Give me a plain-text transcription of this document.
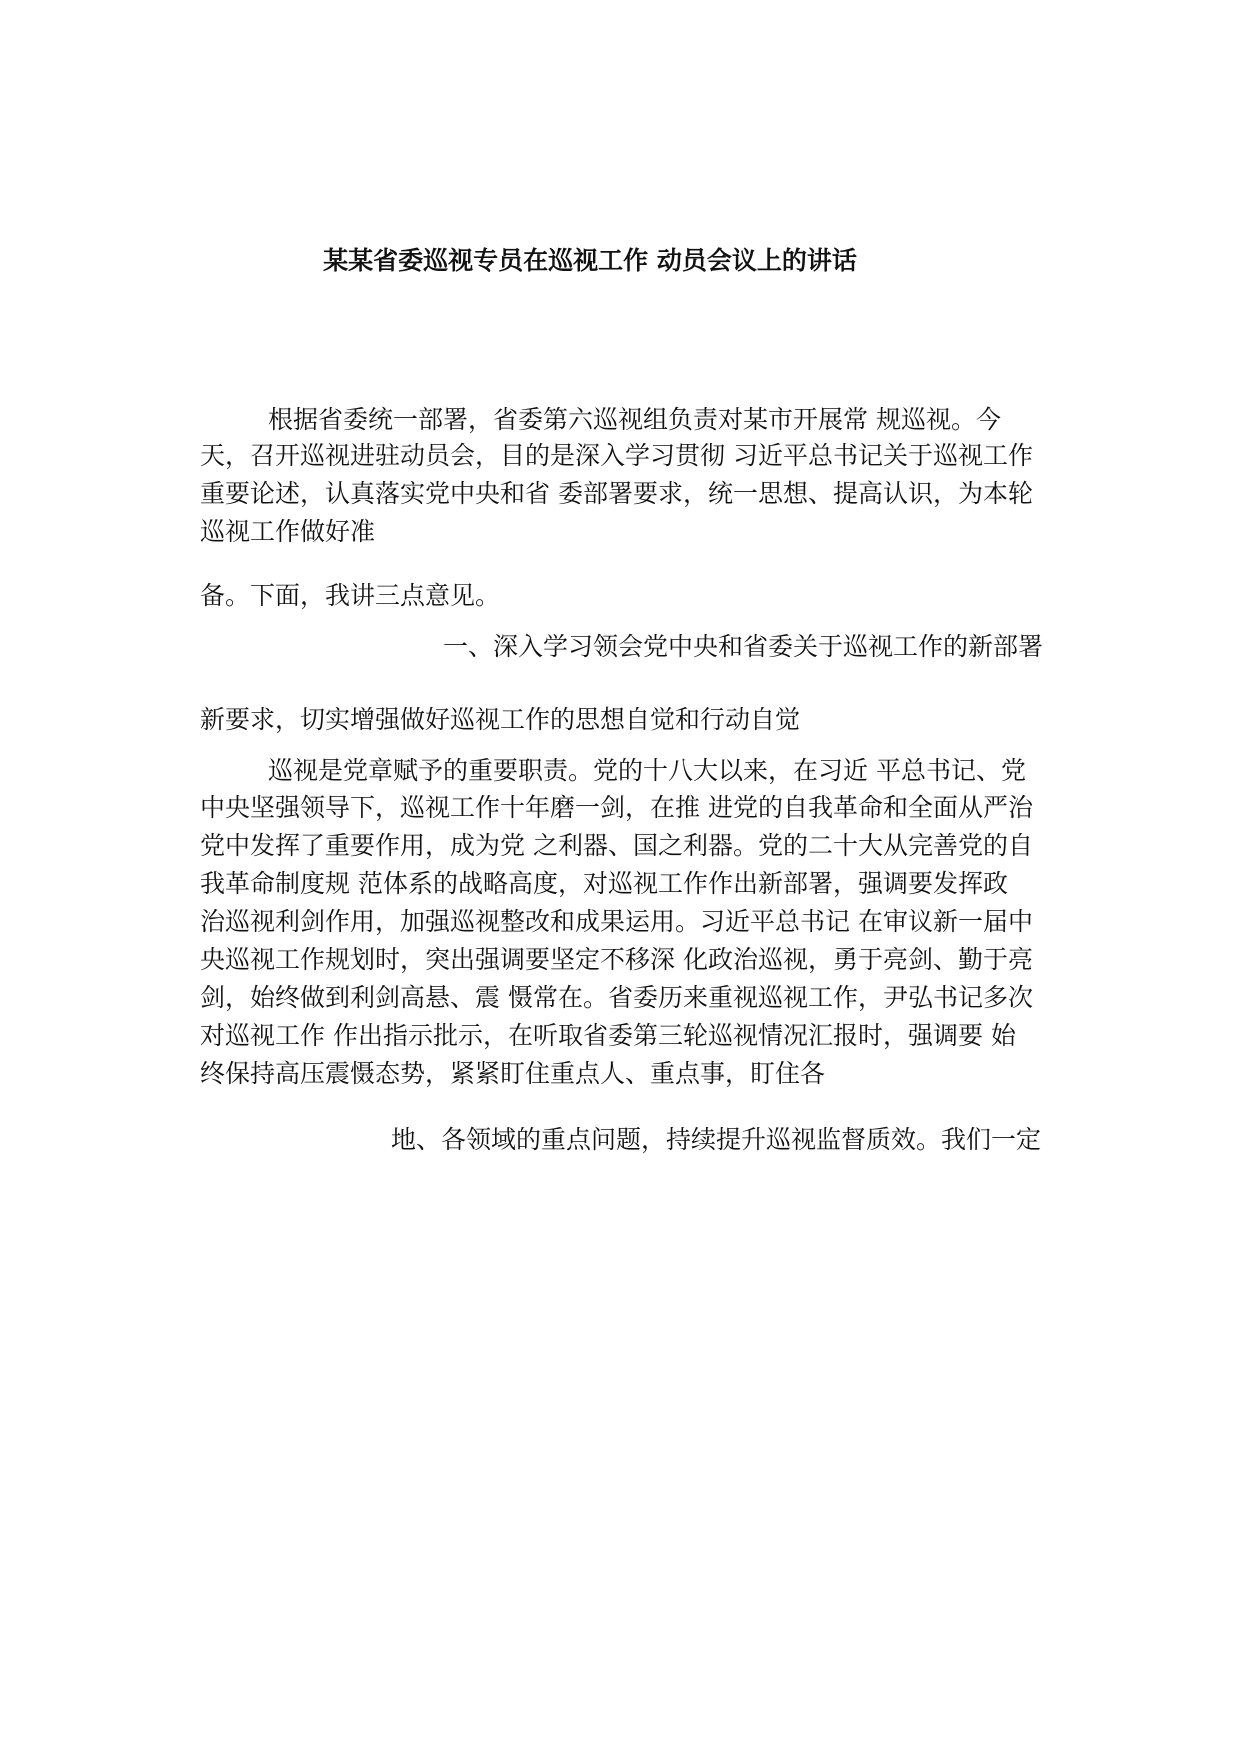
某某省委巡视专员在巡视工作 动员会议上的讲话
根据省委统一部署，省委第六巡视组负责对某市开展常 规巡视。今
天，召开巡视进驻动员会，目的是深入学习贯彻 习近平总书记关于巡视工作
重要论述，认真落实党中央和省 委部署要求，统一思想、提高认识，为本轮
巡视工作做好准
备。下面，我讲三点意见。
一、深入学习领会党中央和省委关于巡视工作的新部署
新要求，切实增强做好巡视工作的思想自觉和行动自觉
巡视是党章赋予的重要职责。党的十八大以来，在习近 平总书记、党
中央坚强领导下，巡视工作十年磨一剑，在推 进党的自我革命和全面从严治
党中发挥了重要作用，成为党 之利器、国之利器。党的二十大从完善党的自
我革命制度规 范体系的战略高度，对巡视工作作出新部署，强调要发挥政
治巡视利剑作用，加强巡视整改和成果运用。习近平总书记 在审议新一届中
央巡视工作规划时，突出强调要坚定不移深 化政治巡视，勇于亮剑、勤于亮
剑，始终做到利剑高悬、震 慑常在。省委历来重视巡视工作，尹弘书记多次
对巡视工作 作出指示批示，在听取省委第三轮巡视情况汇报时，强调要 始
终保持高压震慑态势，紧紧盯住重点人、重点事，盯住各
地、各领域的重点问题，持续提升巡视监督质效。我们一定
